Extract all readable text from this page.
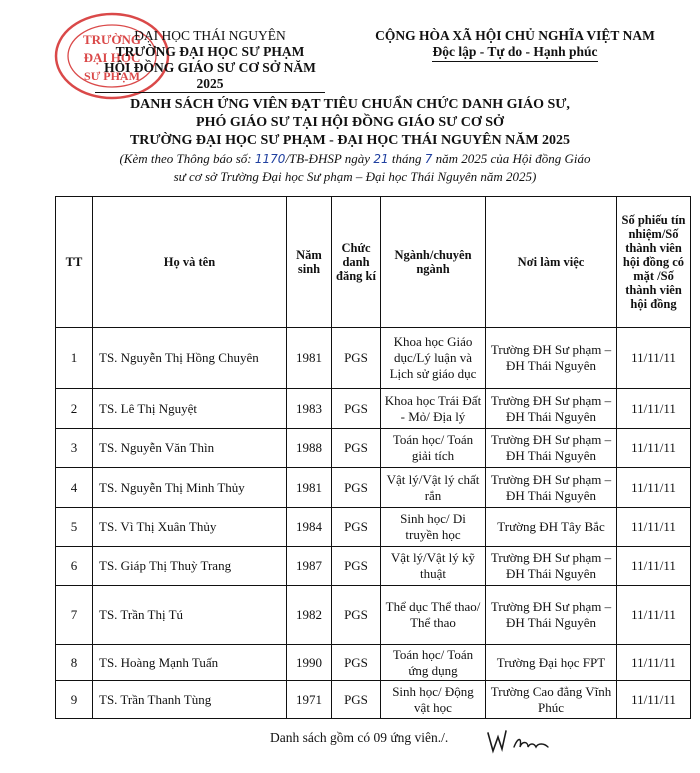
TRƯỜNG
ĐẠI HỌC
SƯ PHẠM
ĐẠI HỌC THÁI NGUYÊN
TRƯỜNG ĐẠI HỌC SƯ PHẠM
HỘI ĐỒNG GIÁO SƯ CƠ SỞ NĂM 2025
CỘNG HÒA XÃ HỘI CHỦ NGHĨA VIỆT NAM
Độc lập - Tự do - Hạnh phúc
DANH SÁCH ỨNG VIÊN ĐẠT TIÊU CHUẨN CHỨC DANH GIÁO SƯ,
PHÓ GIÁO SƯ TẠI HỘI ĐỒNG GIÁO SƯ CƠ SỞ
TRƯỜNG ĐẠI HỌC SƯ PHẠM - ĐẠI HỌC THÁI NGUYÊN NĂM 2025
(Kèm theo Thông báo số: 1170/TB-ĐHSP ngày 21 tháng 7 năm 2025 của Hội đồng Giáo
sư cơ sở Trường Đại học Sư phạm – Đại học Thái Nguyên năm 2025)
TT	Họ và tên	Năm sinh	Chức danh đăng kí	Ngành/chuyên ngành	Nơi làm việc	Số phiếu tín nhiệm/Số thành viên hội đồng có mặt /Số thành viên hội đồng
1	TS. Nguyễn Thị Hồng Chuyên	1981	PGS	Khoa học Giáo dục/Lý luận và Lịch sử giáo dục	Trường ĐH Sư phạm – ĐH Thái Nguyên	11/11/11
2	TS. Lê Thị Nguyệt	1983	PGS	Khoa học Trái Đất - Mỏ/ Địa lý	Trường ĐH Sư phạm – ĐH Thái Nguyên	11/11/11
3	TS. Nguyễn Văn Thìn	1988	PGS	Toán học/ Toán giải tích	Trường ĐH Sư phạm – ĐH Thái Nguyên	11/11/11
4	TS. Nguyễn Thị Minh Thủy	1981	PGS	Vật lý/Vật lý chất rắn	Trường ĐH Sư phạm – ĐH Thái Nguyên	11/11/11
5	TS. Vì Thị Xuân Thủy	1984	PGS	Sinh học/ Di truyền học	Trường ĐH Tây Bắc	11/11/11
6	TS. Giáp Thị Thuỳ Trang	1987	PGS	Vật lý/Vật lý kỹ thuật	Trường ĐH Sư phạm – ĐH Thái Nguyên	11/11/11
7	TS. Trần Thị Tú	1982	PGS	Thể dục Thể thao/ Thể thao	Trường ĐH Sư phạm – ĐH Thái Nguyên	11/11/11
8	TS. Hoàng Mạnh Tuấn	1990	PGS	Toán học/ Toán ứng dụng	Trường Đại học FPT	11/11/11
9	TS. Trần Thanh Tùng	1971	PGS	Sinh học/ Động vật học	Trường Cao đẳng Vĩnh Phúc	11/11/11
Danh sách gồm có 09 ứng viên./.
